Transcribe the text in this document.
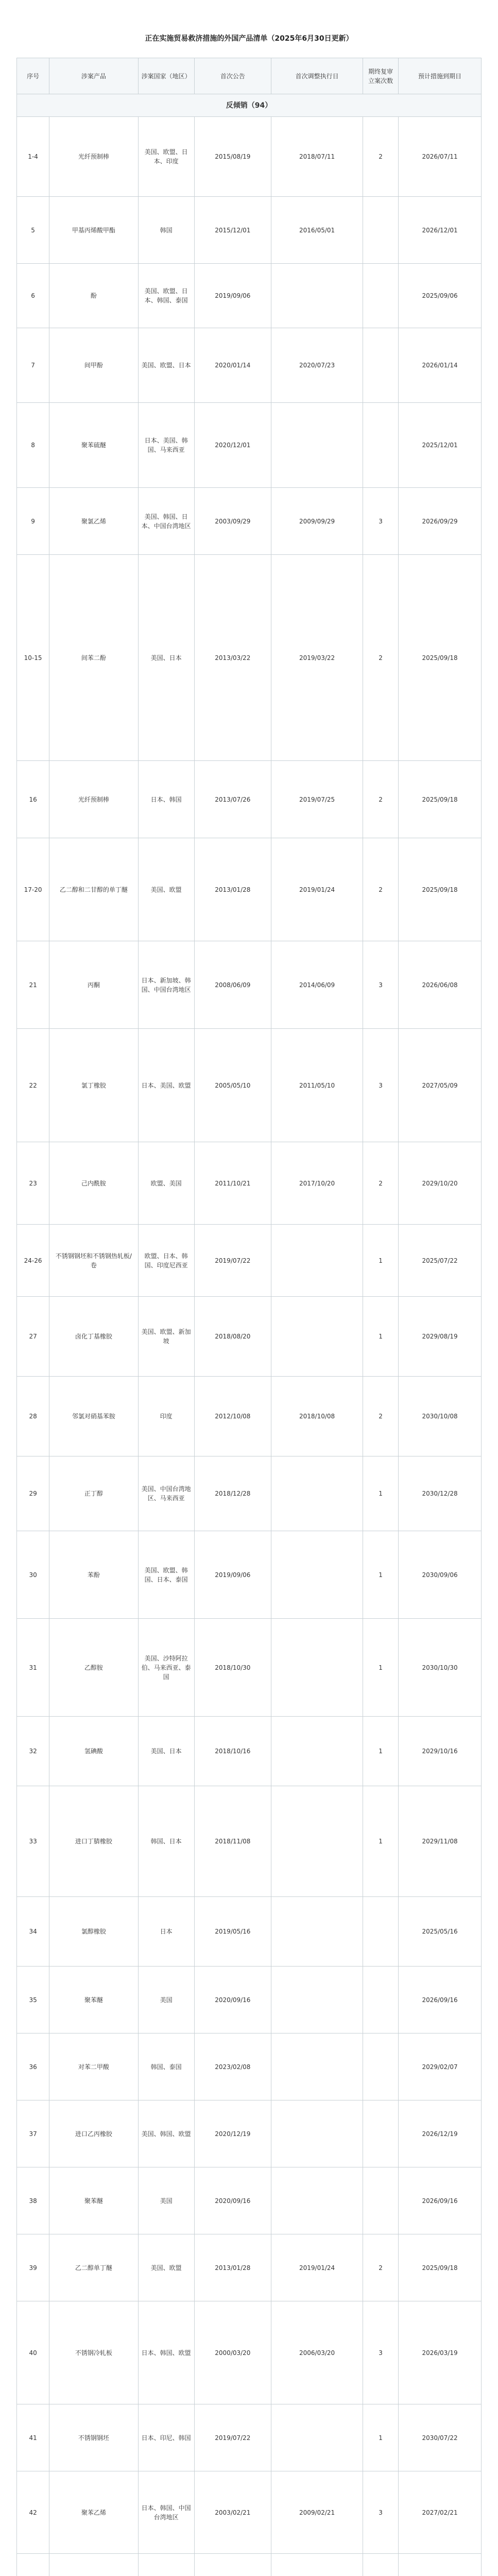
正在实施贸易救济措施的外国产品清单（2025年6月30日更新）
序号	涉案产品	涉案国家（地区）	首次公告	首次调整执行日	期终复审立案次数	预计措施到期日
反倾销（94）						
1-4	光纤预制棒	美国、欧盟、日本、印度	2015/08/19	2018/07/11	2	2026/07/11
5	甲基丙烯酸甲酯	韩国	2015/12/01	2016/05/01		2026/12/01
6	酚	美国、欧盟、日本、韩国、泰国	2019/09/06			2025/09/06
7	间甲酚	美国、欧盟、日本	2020/01/14	2020/07/23		2026/01/14
8	聚苯硫醚	日本、美国、韩国、马来西亚	2020/12/01			2025/12/01
9	聚氯乙烯	美国、韩国、日本、中国台湾地区	2003/09/29	2009/09/29	3	2026/09/29
10-15	间苯二酚	美国、日本	2013/03/22	2019/03/22	2	2025/09/18
16	光纤预制棒	日本、韩国	2013/07/26	2019/07/25	2	2025/09/18
17-20	乙二醇和二甘醇的单丁醚	美国、欧盟	2013/01/28	2019/01/24	2	2025/09/18
21	丙酮	日本、新加坡、韩国、中国台湾地区	2008/06/09	2014/06/09	3	2026/06/08
22	氯丁橡胶	日本、美国、欧盟	2005/05/10	2011/05/10	3	2027/05/09
23	己内酰胺	欧盟、美国	2011/10/21	2017/10/20	2	2029/10/20
24-26	不锈钢钢坯和不锈钢热轧板/卷	欧盟、日本、韩国、印度尼西亚	2019/07/22		1	2025/07/22
27	卤化丁基橡胶	美国、欧盟、新加坡	2018/08/20		1	2029/08/19
28	邻氯对硝基苯胺	印度	2012/10/08	2018/10/08	2	2030/10/08
29	正丁醇	美国、中国台湾地区、马来西亚	2018/12/28		1	2030/12/28
30	苯酚	美国、欧盟、韩国、日本、泰国	2019/09/06		1	2030/09/06
31	乙醇胺	美国、沙特阿拉伯、马来西亚、泰国	2018/10/30		1	2030/10/30
32	氢碘酸	美国、日本	2018/10/16		1	2029/10/16
33	进口丁腈橡胶	韩国、日本	2018/11/08		1	2029/11/08
34	氯醇橡胶	日本	2019/05/16			2025/05/16
35	聚苯醚	美国	2020/09/16			2026/09/16
36	对苯二甲酸	韩国、泰国	2023/02/08			2029/02/07
37	进口乙丙橡胶	美国、韩国、欧盟	2020/12/19			2026/12/19
38	聚苯醚	美国	2020/09/16			2026/09/16
39	乙二醇单丁醚	美国、欧盟	2013/01/28	2019/01/24	2	2025/09/18
40	不锈钢冷轧板	日本、韩国、欧盟	2000/03/20	2006/03/20	3	2026/03/19
41	不锈钢钢坯	日本、印尼、韩国	2019/07/22		1	2030/07/22
42	聚苯乙烯	日本、韩国、中国台湾地区	2003/02/21	2009/02/21	3	2027/02/21
